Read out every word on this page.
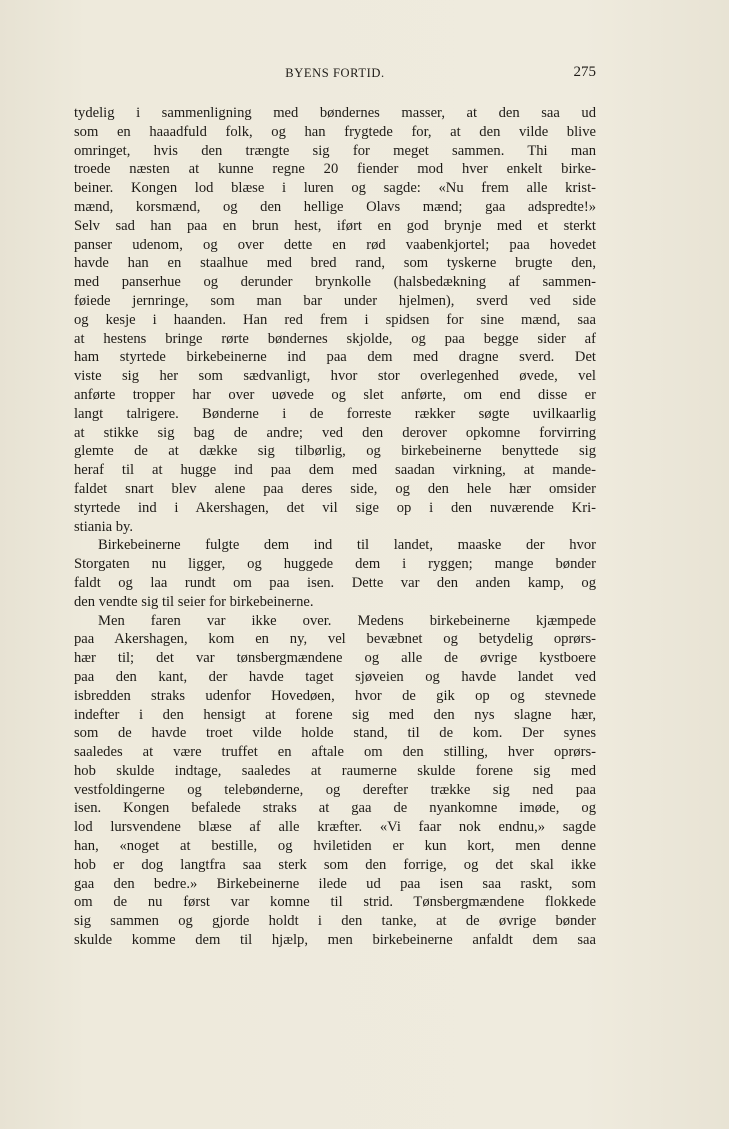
BYENS FORTID.	275
tydelig i sammenligning med bøndernes masser, at den saa ud
som en haaadfuld folk, og han frygtede for, at den vilde blive
omringet, hvis den trængte sig for meget sammen. Thi man
troede næsten at kunne regne 20 fiender mod hver enkelt birke-
beiner. Kongen lod blæse i luren og sagde: «Nu frem alle krist-
mænd, korsmænd, og den hellige Olavs mænd; gaa adspredte!»
Selv sad han paa en brun hest, iført en god brynje med et sterkt
panser udenom, og over dette en rød vaabenkjortel; paa hovedet
havde han en staalhue med bred rand, som tyskerne brugte den,
med panserhue og derunder brynkolle (halsbedækning af sammen-
føiede jernringe, som man bar under hjelmen), sverd ved side
og kesje i haanden. Han red frem i spidsen for sine mænd, saa
at hestens bringe rørte bøndernes skjolde, og paa begge sider af
ham styrtede birkebeinerne ind paa dem med dragne sverd. Det
viste sig her som sædvanligt, hvor stor overlegenhed øvede, vel
anførte tropper har over uøvede og slet anførte, om end disse er
langt talrigere. Bønderne i de forreste rækker søgte uvilkaarlig
at stikke sig bag de andre; ved den derover opkomne forvirring
glemte de at dække sig tilbørlig, og birkebeinerne benyttede sig
heraf til at hugge ind paa dem med saadan virkning, at mande-
faldet snart blev alene paa deres side, og den hele hær omsider
styrtede ind i Akershagen, det vil sige op i den nuværende Kri-
stiania by.
Birkebeinerne fulgte dem ind til landet, maaske der hvor
Storgaten nu ligger, og huggede dem i ryggen; mange bønder
faldt og laa rundt om paa isen. Dette var den anden kamp, og
den vendte sig til seier for birkebeinerne.
Men faren var ikke over. Medens birkebeinerne kjæmpede
paa Akershagen, kom en ny, vel bevæbnet og betydelig oprørs-
hær til; det var tønsbergmændene og alle de øvrige kystboere
paa den kant, der havde taget sjøveien og havde landet ved
isbredden straks udenfor Hovedøen, hvor de gik op og stevnede
indefter i den hensigt at forene sig med den nys slagne hær,
som de havde troet vilde holde stand, til de kom. Der synes
saaledes at være truffet en aftale om den stilling, hver oprørs-
hob skulde indtage, saaledes at raumerne skulde forene sig med
vestfoldingerne og telebønderne, og derefter trække sig ned paa
isen. Kongen befalede straks at gaa de nyankomne imøde, og
lod lursvendene blæse af alle kræfter. «Vi faar nok endnu,» sagde
han, «noget at bestille, og hviletiden er kun kort, men denne
hob er dog langtfra saa sterk som den forrige, og det skal ikke
gaa den bedre.» Birkebeinerne ilede ud paa isen saa raskt, som
om de nu først var komne til strid. Tønsbergmændene flokkede
sig sammen og gjorde holdt i den tanke, at de øvrige bønder
skulde komme dem til hjælp, men birkebeinerne anfaldt dem saa
